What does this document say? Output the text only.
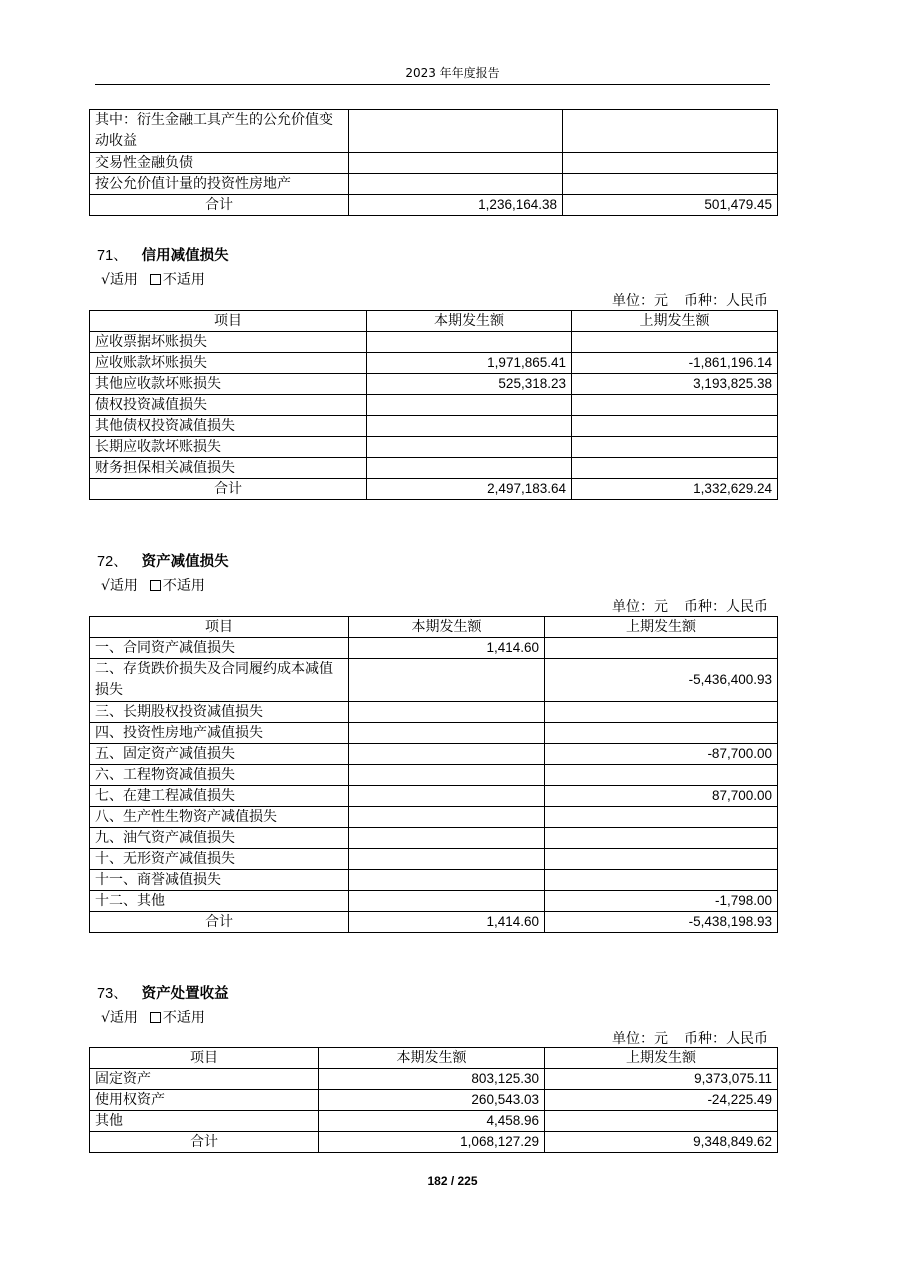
2023 年年度报告
其中：衍生金融工具产生的公允价值变动收益		
交易性金融负债		
按公允价值计量的投资性房地产		
合计	1,236,164.38	501,479.45
71、 信用减值损失
√适用 不适用
单位：元 币种：人民币
项目	本期发生额	上期发生额
应收票据坏账损失		
应收账款坏账损失	1,971,865.41	-1,861,196.14
其他应收款坏账损失	525,318.23	3,193,825.38
债权投资减值损失		
其他债权投资减值损失		
长期应收款坏账损失		
财务担保相关减值损失		
合计	2,497,183.64	1,332,629.24
72、 资产减值损失
√适用 不适用
单位：元 币种：人民币
项目	本期发生额	上期发生额
一、合同资产减值损失	1,414.60	
二、存货跌价损失及合同履约成本减值损失		-5,436,400.93
三、长期股权投资减值损失		
四、投资性房地产减值损失		
五、固定资产减值损失		-87,700.00
六、工程物资减值损失		
七、在建工程减值损失		87,700.00
八、生产性生物资产减值损失		
九、油气资产减值损失		
十、无形资产减值损失		
十一、商誉减值损失		
十二、其他		-1,798.00
合计	1,414.60	-5,438,198.93
73、 资产处置收益
√适用 不适用
单位：元 币种：人民币
项目	本期发生额	上期发生额
固定资产	803,125.30	9,373,075.11
使用权资产	260,543.03	-24,225.49
其他	4,458.96	
合计	1,068,127.29	9,348,849.62
182 / 225
